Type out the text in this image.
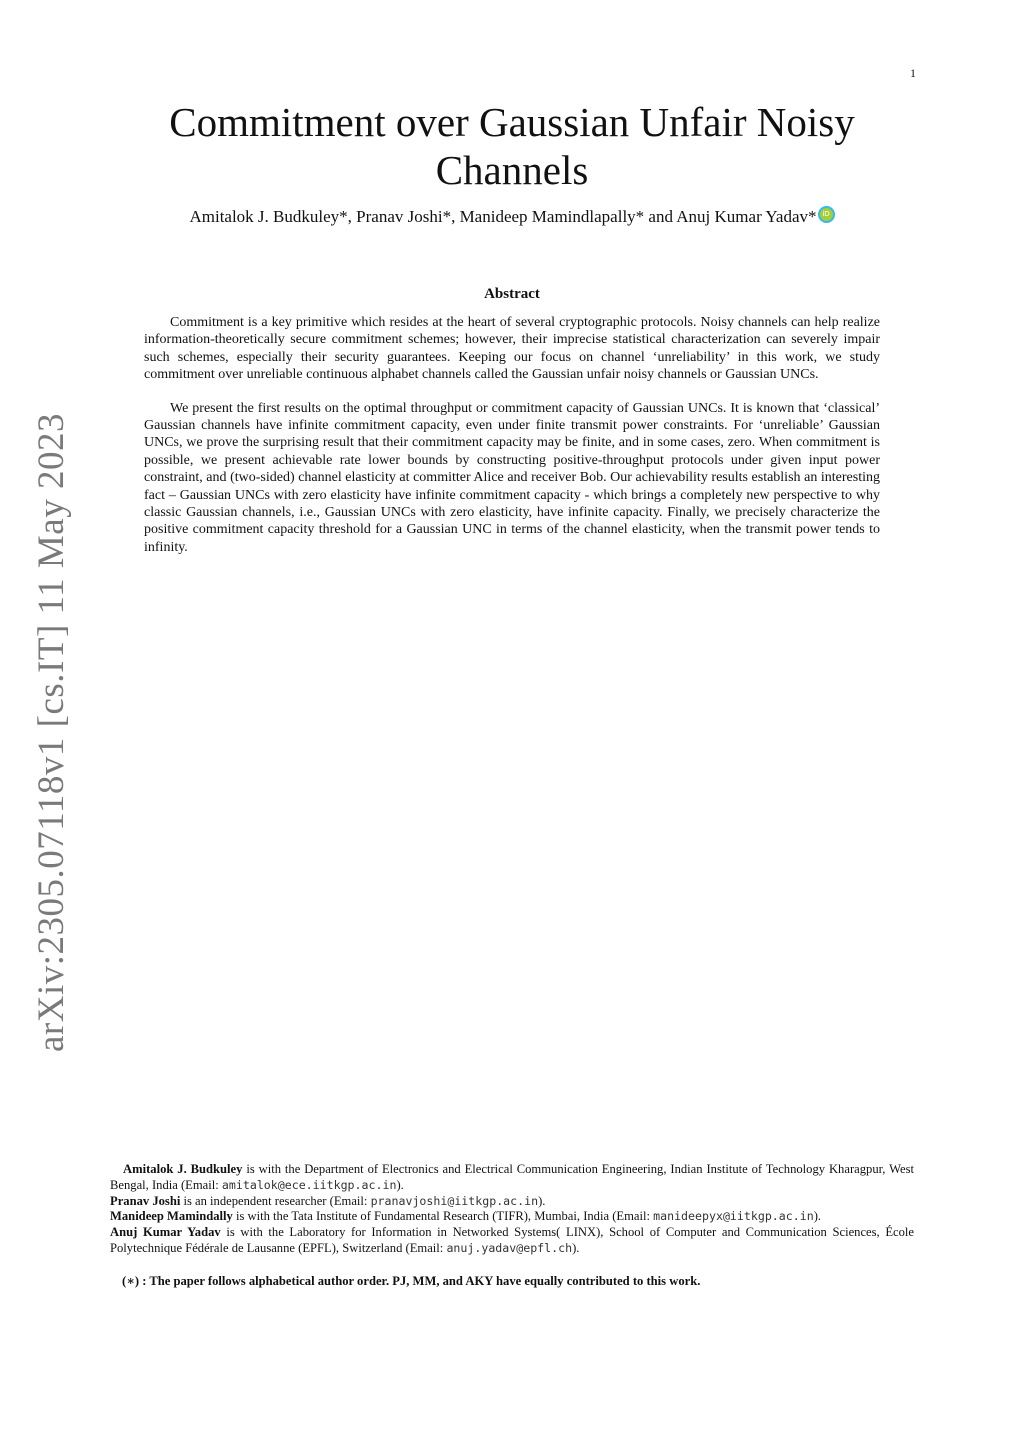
1
arXiv:2305.07118v1 [cs.IT] 11 May 2023
Commitment over Gaussian Unfair Noisy Channels
Amitalok J. Budkuley*, Pranav Joshi*, Manideep Mamindlapally* and Anuj Kumar Yadav* iD
Abstract

Commitment is a key primitive which resides at the heart of several cryptographic protocols. Noisy channels can help realize information-theoretically secure commitment schemes; however, their imprecise statistical characterization can severely impair such schemes, especially their security guarantees. Keeping our focus on channel ‘unreliability’ in this work, we study commitment over unreliable continuous alphabet channels called the Gaussian unfair noisy channels or Gaussian UNCs.

We present the first results on the optimal throughput or commitment capacity of Gaussian UNCs. It is known that ‘classical’ Gaussian channels have infinite commitment capacity, even under finite transmit power constraints. For ‘unreliable’ Gaussian UNCs, we prove the surprising result that their commitment capacity may be finite, and in some cases, zero. When commitment is possible, we present achievable rate lower bounds by constructing positive-throughput protocols under given input power constraint, and (two-sided) channel elasticity at committer Alice and receiver Bob. Our achievability results establish an interesting fact – Gaussian UNCs with zero elasticity have infinite commitment capacity - which brings a completely new perspective to why classic Gaussian channels, i.e., Gaussian UNCs with zero elasticity, have infinite capacity. Finally, we precisely characterize the positive commitment capacity threshold for a Gaussian UNC in terms of the channel elasticity, when the transmit power tends to infinity.

Amitalok J. Budkuley is with the Department of Electronics and Electrical Communication Engineering, Indian Institute of Technology Kharagpur, West Bengal, India (Email: amitalok@ece.iitkgp.ac.in).

Pranav Joshi is an independent researcher (Email: pranavjoshi@iitkgp.ac.in).

Manideep Mamindally is with the Tata Institute of Fundamental Research (TIFR), Mumbai, India (Email: manideepyx@iitkgp.ac.in).

Anuj Kumar Yadav is with the Laboratory for Information in Networked Systems( LINX), School of Computer and Communication Sciences, École Polytechnique Fédérale de Lausanne (EPFL), Switzerland (Email: anuj.yadav@epfl.ch).

(∗) : The paper follows alphabetical author order. PJ, MM, and AKY have equally contributed to this work.
